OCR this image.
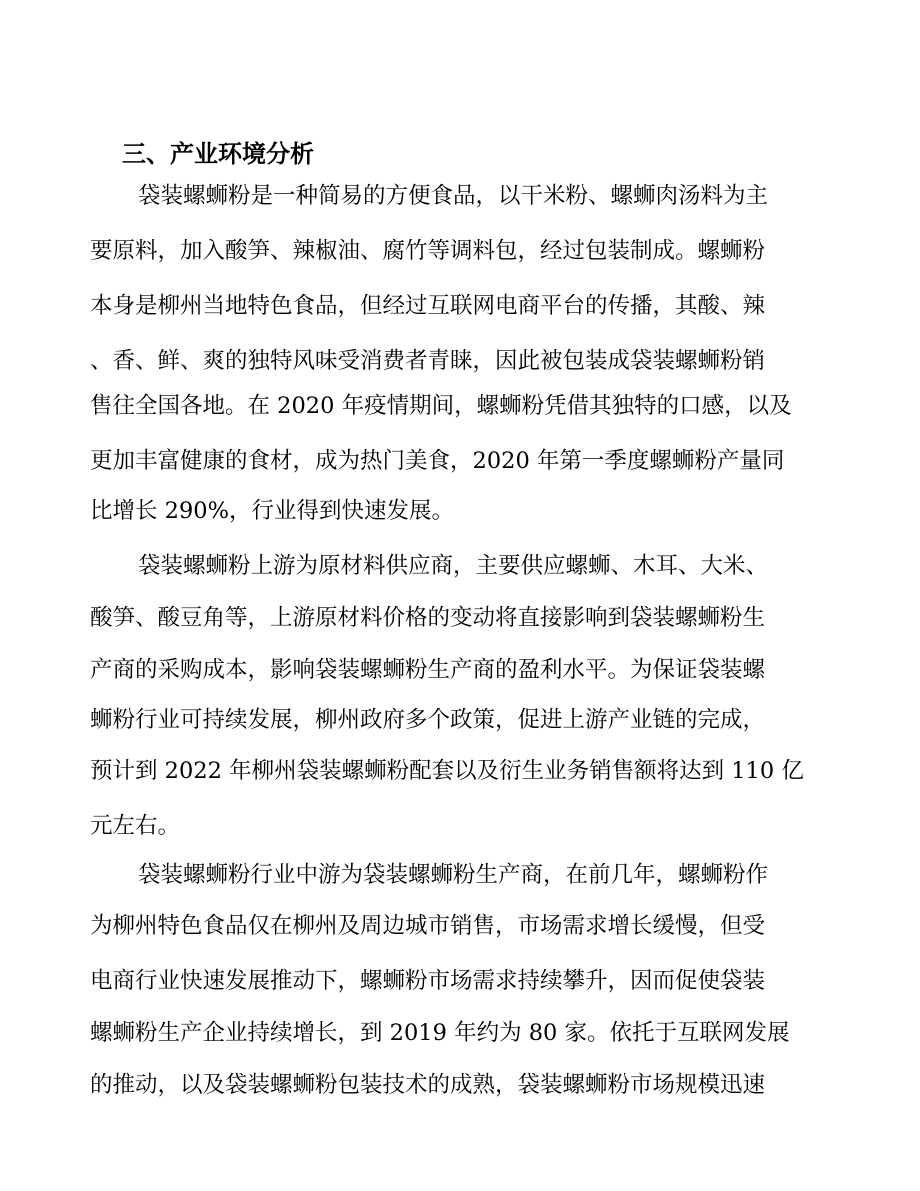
三、产业环境分析

袋装螺蛳粉是一种简易的方便食品，以干米粉、螺蛳肉汤料为主

要原料，加入酸笋、辣椒油、腐竹等调料包，经过包装制成。螺蛳粉

本身是柳州当地特色食品，但经过互联网电商平台的传播，其酸、辣

、香、鲜、爽的独特风味受消费者青睐，因此被包装成袋装螺蛳粉销

售往全国各地。在 2020 年疫情期间，螺蛳粉凭借其独特的口感，以及

更加丰富健康的食材，成为热门美食，2020 年第一季度螺蛳粉产量同

比增长 290%，行业得到快速发展。

袋装螺蛳粉上游为原材料供应商，主要供应螺蛳、木耳、大米、

酸笋、酸豆角等，上游原材料价格的变动将直接影响到袋装螺蛳粉生

产商的采购成本，影响袋装螺蛳粉生产商的盈利水平。为保证袋装螺

蛳粉行业可持续发展，柳州政府多个政策，促进上游产业链的完成，

预计到 2022 年柳州袋装螺蛳粉配套以及衍生业务销售额将达到 110 亿

元左右。

袋装螺蛳粉行业中游为袋装螺蛳粉生产商，在前几年，螺蛳粉作

为柳州特色食品仅在柳州及周边城市销售，市场需求增长缓慢，但受

电商行业快速发展推动下，螺蛳粉市场需求持续攀升，因而促使袋装

螺蛳粉生产企业持续增长，到 2019 年约为 80 家。依托于互联网发展

的推动，以及袋装螺蛳粉包装技术的成熟，袋装螺蛳粉市场规模迅速
